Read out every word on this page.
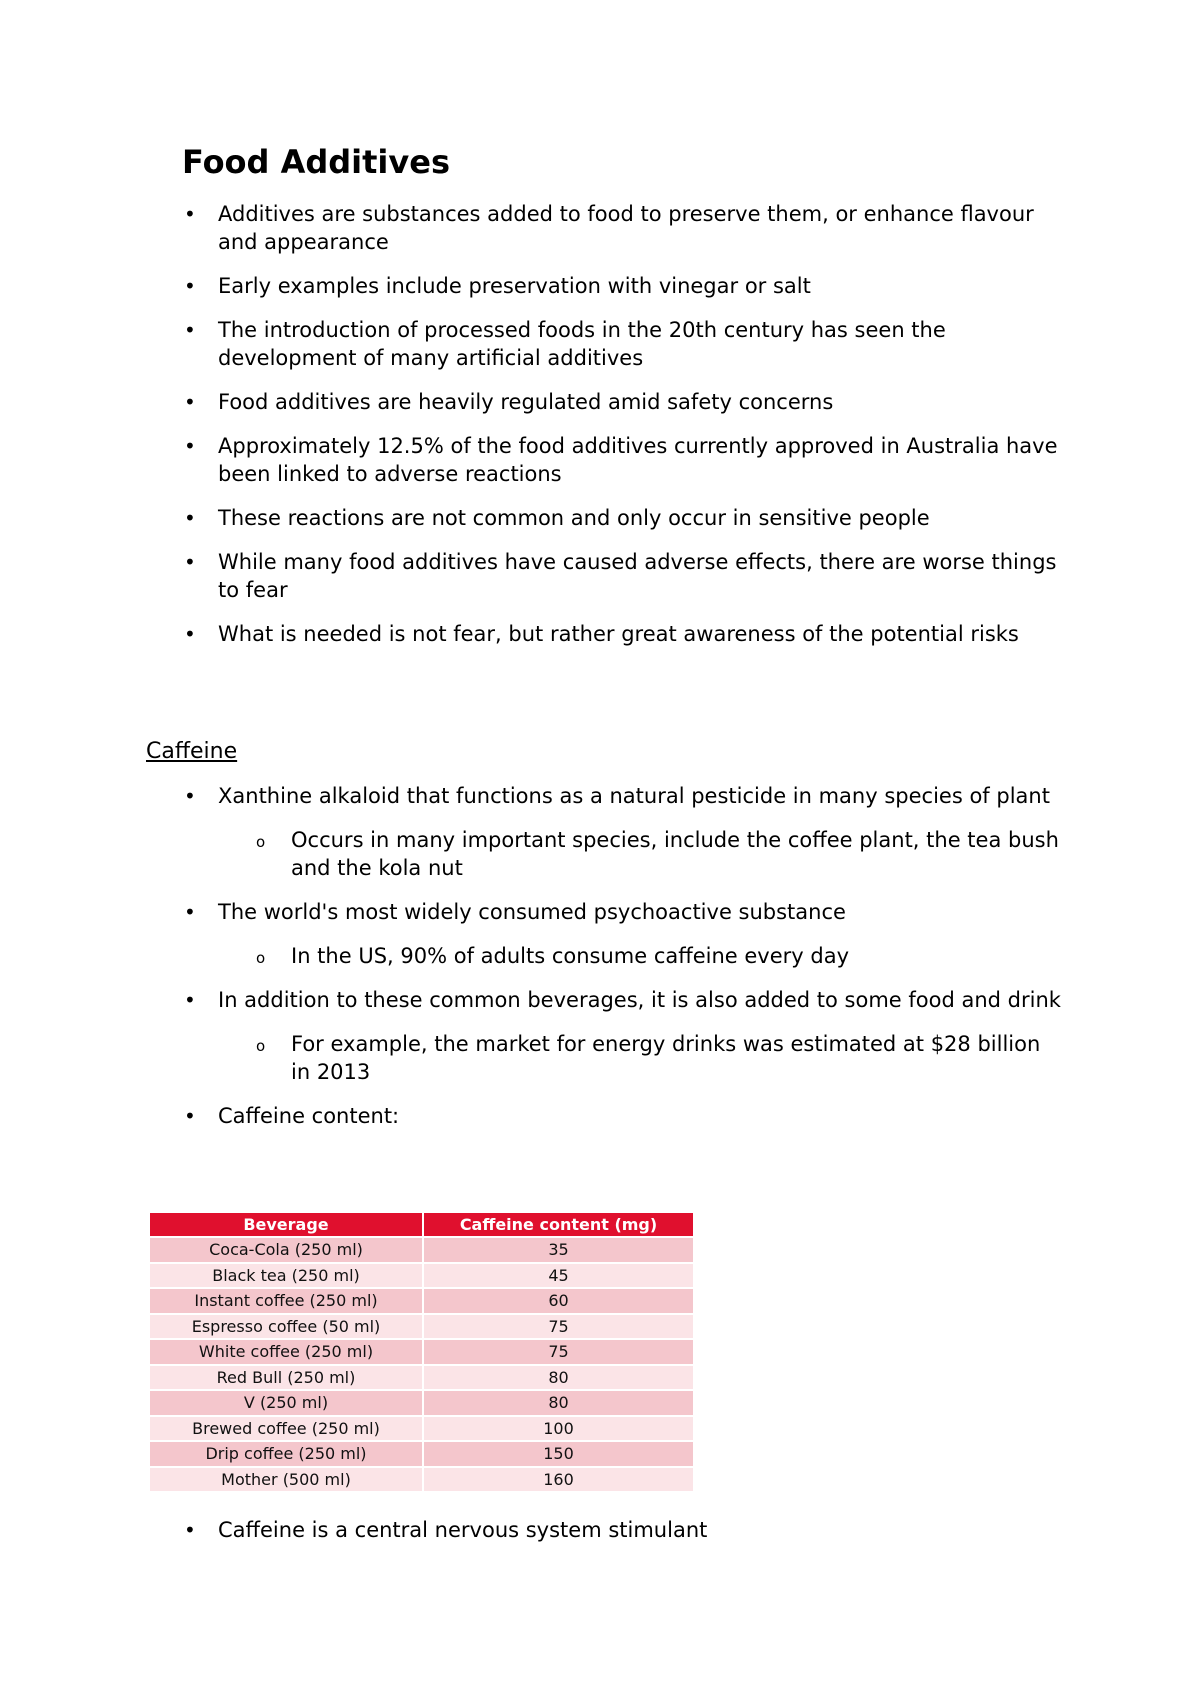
Food Additives
• Additives are substances added to food to preserve them, or enhance flavour and appearance
• Early examples include preservation with vinegar or salt
• The introduction of processed foods in the 20th century has seen the development of many artificial additives
• Food additives are heavily regulated amid safety concerns
• Approximately 12.5% of the food additives currently approved in Australia have been linked to adverse reactions
• These reactions are not common and only occur in sensitive people
• While many food additives have caused adverse effects, there are worse things to fear
• What is needed is not fear, but rather great awareness of the potential risks
Caffeine
• Xanthine alkaloid that functions as a natural pesticide in many species of plant
o Occurs in many important species, include the coffee plant, the tea bush and the kola nut
• The world's most widely consumed psychoactive substance
o In the US, 90% of adults consume caffeine every day
• In addition to these common beverages, it is also added to some food and drink
o For example, the market for energy drinks was estimated at $28 billion in 2013
• Caffeine content:
Beverage	Caffeine content (mg)
Coca-Cola (250 ml)	35
Black tea (250 ml)	45
Instant coffee (250 ml)	60
Espresso coffee (50 ml)	75
White coffee (250 ml)	75
Red Bull (250 ml)	80
V (250 ml)	80
Brewed coffee (250 ml)	100
Drip coffee (250 ml)	150
Mother (500 ml)	160
• Caffeine is a central nervous system stimulant
